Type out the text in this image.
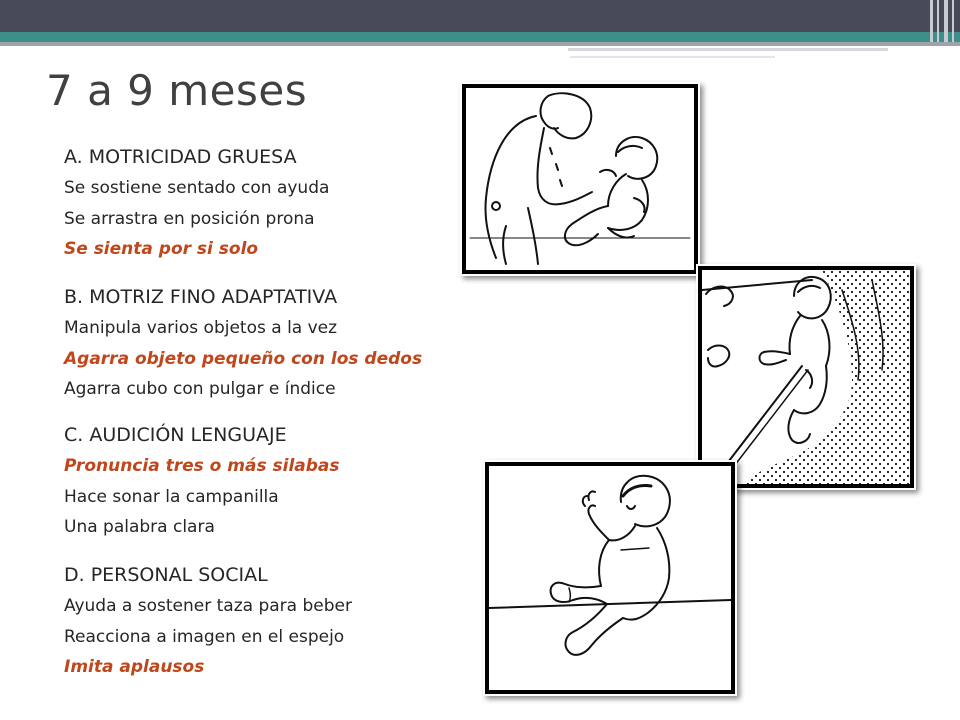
7 a 9 meses
A. MOTRICIDAD GRUESA
Se sostiene sentado con ayuda
Se arrastra en posición prona
Se sienta por si solo
B. MOTRIZ FINO ADAPTATIVA
Manipula varios objetos a la vez
Agarra objeto pequeño con los dedos
Agarra cubo con pulgar e índice
C. AUDICIÓN LENGUAJE
Pronuncia tres o más silabas
Hace sonar la campanilla
Una palabra clara
D. PERSONAL SOCIAL
Ayuda a sostener taza para beber
Reacciona a imagen en el espejo
Imita aplausos
